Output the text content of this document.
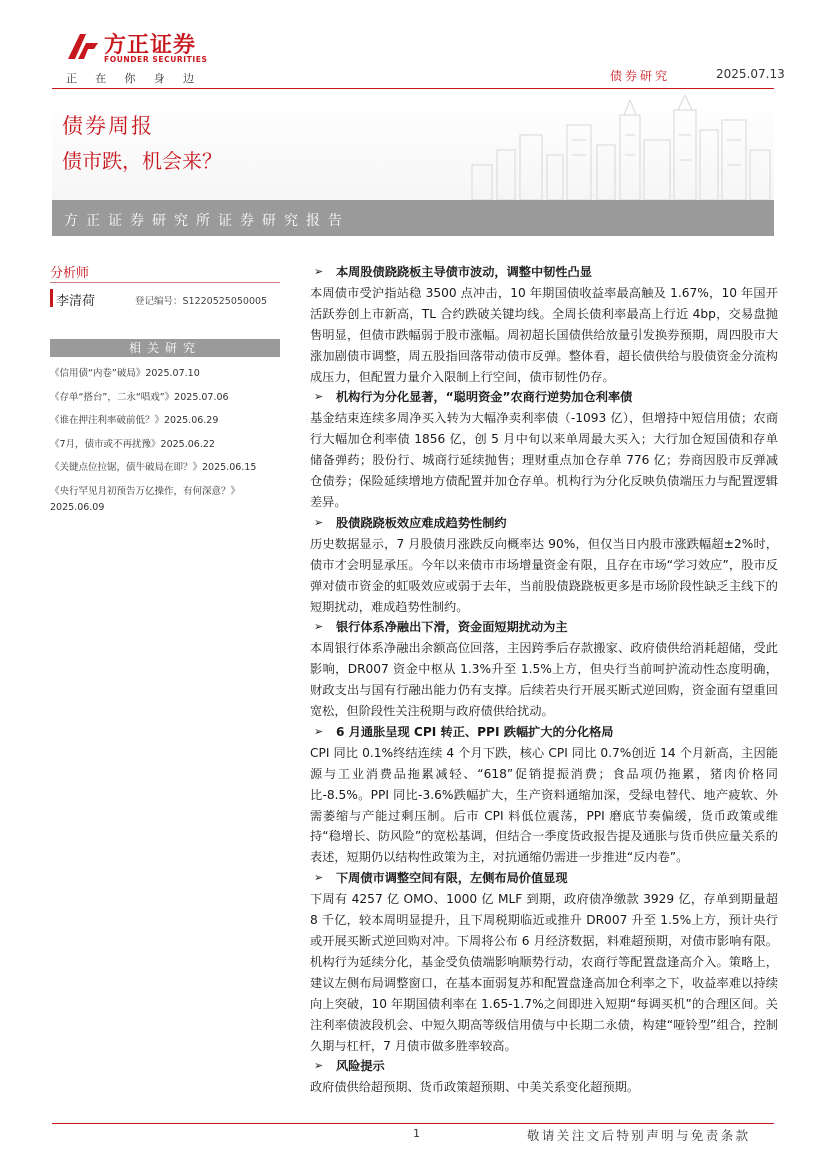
方正证券
FOUNDER SECURITIES
正 在 你 身 边	债券研究	2025.07.13
债券周报
债市跌，机会来？
方正证券研究所证券研究报告
分析师
李清荷	登记编号：S1220525050005
相关研究
《信用债“内卷”破局》2025.07.10
《存单“搭台”，二永“唱戏”》2025.07.06
《谁在押注利率破前低？》2025.06.29
《7月，债市或不再扰豫》2025.06.22
《关键点位拉锯，债牛破局在即？》2025.06.15
《央行罕见月初预告万亿操作，有何深意？》2025.06.09
➢ 本周股债跷跷板主导债市波动，调整中韧性凸显

本周债市受沪指站稳 3500 点冲击，10 年期国债收益率最高触及 1.67%，10 年国开活跃券创上市新高，TL 合约跌破关键均线。全周长债利率最高上行近 4bp，交易盘抛售明显，但债市跌幅弱于股市涨幅。周初超长国债供给放量引发换券预期，周四股市大涨加剧债市调整，周五股指回落带动债市反弹。整体看，超长债供给与股债资金分流构成压力，但配置力量介入限制上行空间，债市韧性仍存。

➢ 机构行为分化显著，“聪明资金”农商行逆势加仓利率债

基金结束连续多周净买入转为大幅净卖利率债（-1093 亿），但增持中短信用债；农商行大幅加仓利率债 1856 亿，创 5 月中旬以来单周最大买入；大行加仓短国债和存单储备弹药；股份行、城商行延续抛售；理财重点加仓存单 776 亿；券商因股市反弹减仓债券；保险延续增地方债配置并加仓存单。机构行为分化反映负债端压力与配置逻辑差异。

➢ 股债跷跷板效应难成趋势性制约

历史数据显示，7 月股债月涨跌反向概率达 90%，但仅当日内股市涨跌幅超±2%时，债市才会明显承压。今年以来债市市场增量资金有限，且存在市场“学习效应”，股市反弹对债市资金的虹吸效应或弱于去年，当前股债跷跷板更多是市场阶段性缺乏主线下的短期扰动，难成趋势性制约。

➢ 银行体系净融出下滑，资金面短期扰动为主

本周银行体系净融出余额高位回落，主因跨季后存款搬家、政府债供给消耗超储，受此影响，DR007 资金中枢从 1.3%升至 1.5%上方，但央行当前呵护流动性态度明确，财政支出与国有行融出能力仍有支撑。后续若央行开展买断式逆回购，资金面有望重回宽松，但阶段性关注税期与政府债供给扰动。

➢ 6 月通胀呈现 CPI 转正、PPI 跌幅扩大的分化格局

CPI 同比 0.1%终结连续 4 个月下跌，核心 CPI 同比 0.7%创近 14 个月新高，主因能源与工业消费品拖累减轻、“618”促销提振消费；食品项仍拖累，猪肉价格同比-8.5%。PPI 同比-3.6%跌幅扩大，生产资料通缩加深，受绿电替代、地产疲软、外需萎缩与产能过剩压制。后市 CPI 料低位震荡，PPI 磨底节奏偏缓，货币政策或维持“稳增长、防风险”的宽松基调，但结合一季度货政报告提及通胀与货币供应量关系的表述，短期仍以结构性政策为主，对抗通缩仍需进一步推进“反内卷”。

➢ 下周债市调整空间有限，左侧布局价值显现

下周有 4257 亿 OMO、1000 亿 MLF 到期，政府债净缴款 3929 亿，存单到期量超 8 千亿，较本周明显提升，且下周税期临近或推升 DR007 升至 1.5%上方，预计央行或开展买断式逆回购对冲。下周将公布 6 月经济数据，料难超预期，对债市影响有限。机构行为延续分化，基金受负债端影响顺势行动，农商行等配置盘逢高介入。策略上，建议左侧布局调整窗口，在基本面弱复苏和配置盘逢高加仓利率之下，收益率难以持续向上突破，10 年期国债利率在 1.65-1.7%之间即进入短期“每调买机”的合理区间。关注利率债波段机会、中短久期高等级信用债与中长期二永债，构建“哑铃型”组合，控制久期与杠杆，7 月债市做多胜率较高。

➢ 风险提示

政府债供给超预期、货币政策超预期、中美关系变化超预期。

1	敬请关注文后特别声明与免责条款
